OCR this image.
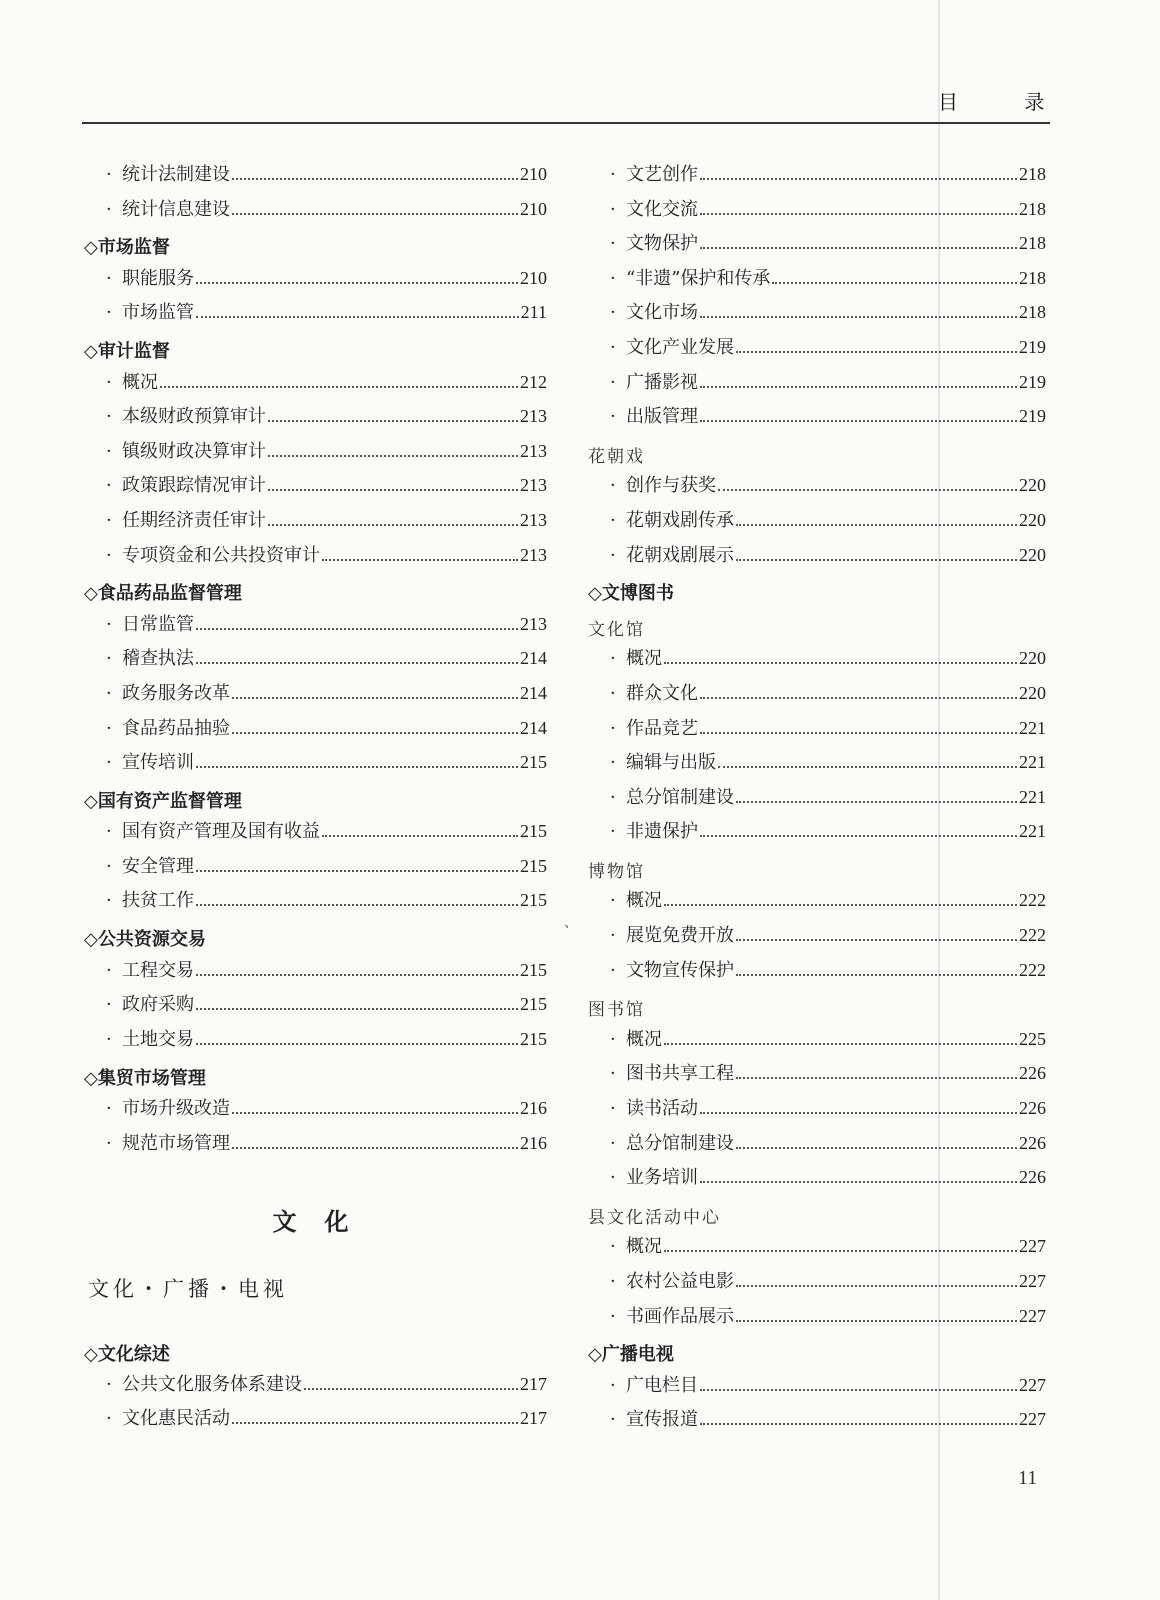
目 录
、
· 统计法制建设	210
· 统计信息建设	210
◇市场监督
· 职能服务	210
· 市场监管	211
◇审计监督
· 概况	212
· 本级财政预算审计	213
· 镇级财政决算审计	213
· 政策跟踪情况审计	213
· 任期经济责任审计	213
· 专项资金和公共投资审计	213
◇食品药品监督管理
· 日常监管	213
· 稽查执法	214
· 政务服务改革	214
· 食品药品抽验	214
· 宣传培训	215
◇国有资产监督管理
· 国有资产管理及国有收益	215
· 安全管理	215
· 扶贫工作	215
◇公共资源交易
· 工程交易	215
· 政府采购	215
· 土地交易	215
◇集贸市场管理
· 市场升级改造	216
· 规范市场管理	216
文化
文化・广播・电视
◇文化综述
· 公共文化服务体系建设	217
· 文化惠民活动	217
· 文艺创作	218
· 文化交流	218
· 文物保护	218
· “非遗”保护和传承	218
· 文化市场	218
· 文化产业发展	219
· 广播影视	219
· 出版管理	219
花朝戏
· 创作与获奖	220
· 花朝戏剧传承	220
· 花朝戏剧展示	220
◇文博图书
文化馆
· 概况	220
· 群众文化	220
· 作品竞艺	221
· 编辑与出版	221
· 总分馆制建设	221
· 非遗保护	221
博物馆
· 概况	222
· 展览免费开放	222
· 文物宣传保护	222
图书馆
· 概况	225
· 图书共享工程	226
· 读书活动	226
· 总分馆制建设	226
· 业务培训	226
县文化活动中心
· 概况	227
· 农村公益电影	227
· 书画作品展示	227
◇广播电视
· 广电栏目	227
· 宣传报道	227
11
